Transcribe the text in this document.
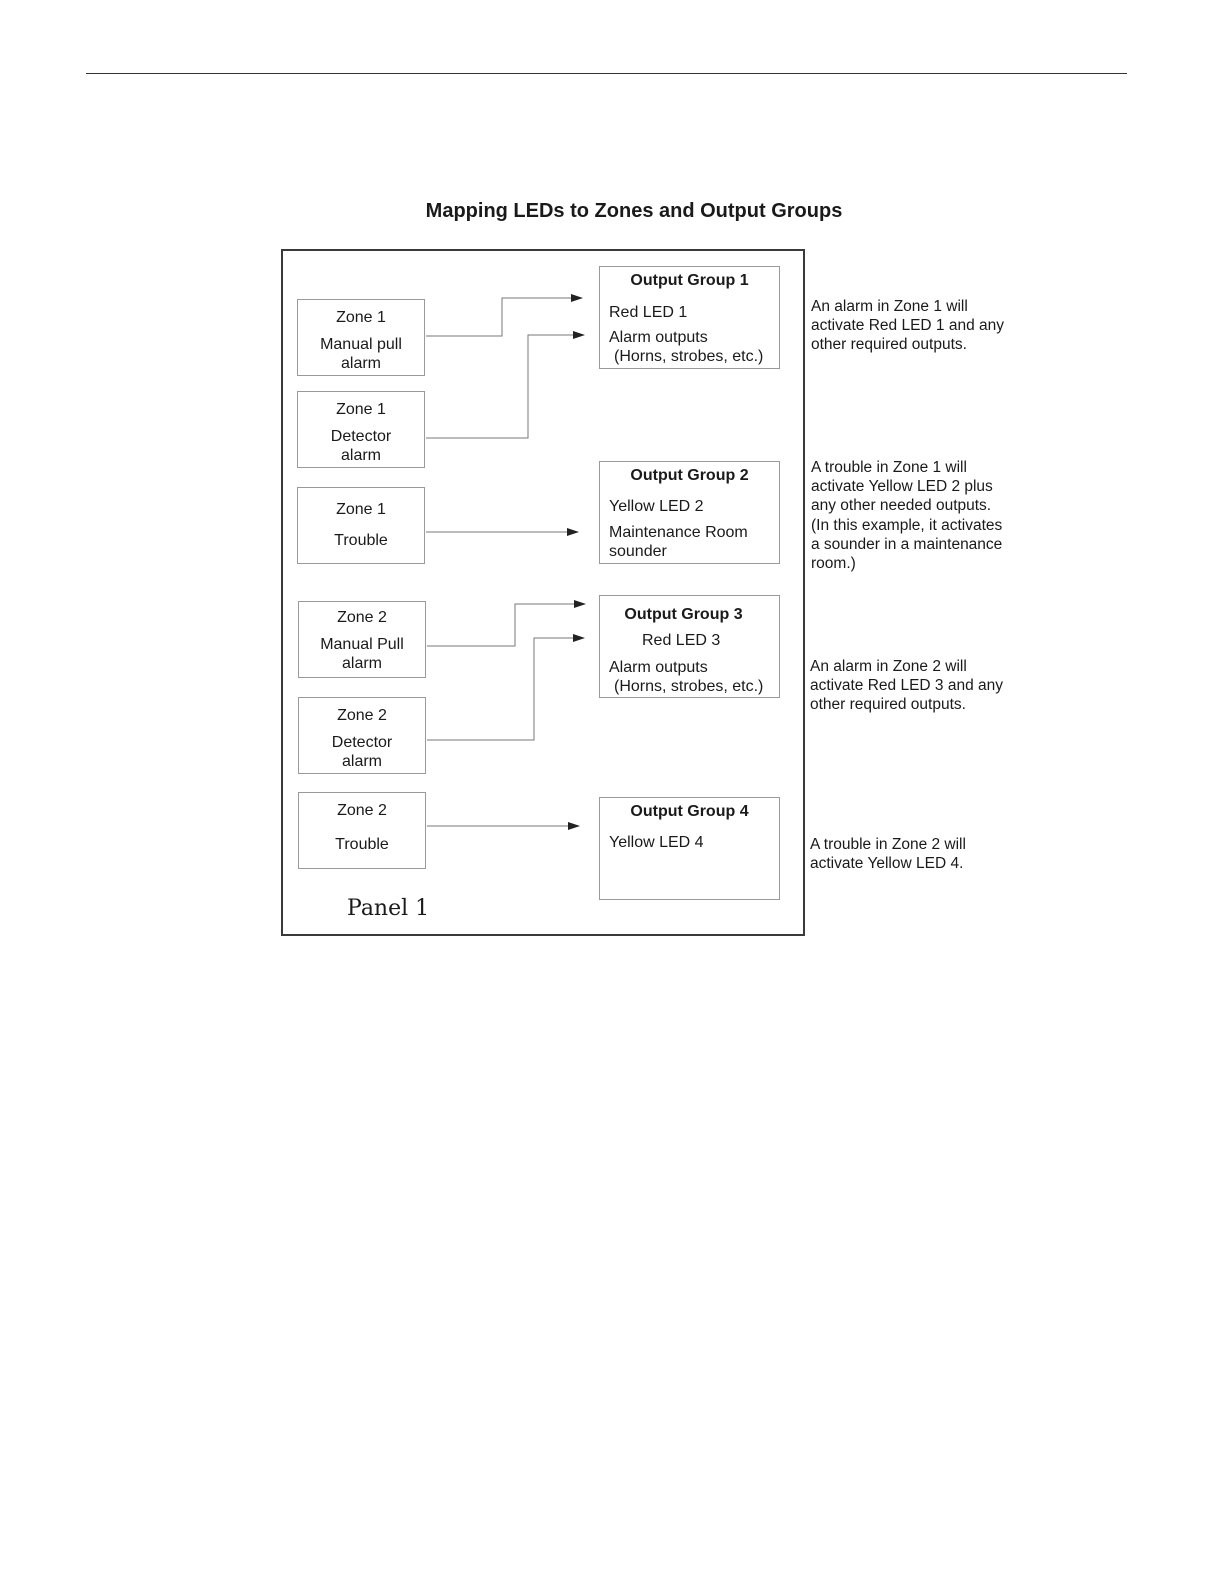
Mapping LEDs to Zones and Output Groups
Zone 1
Manual pull
alarm
Zone 1
Detector
alarm
Zone 1
Trouble
Zone 2
Manual Pull
alarm
Zone 2
Detector
alarm
Zone 2
Trouble
Output Group 1
Red LED 1
Alarm outputs
(Horns, strobes, etc.)
Output Group 2
Yellow LED 2
Maintenance Room
sounder
Output Group 3
Red LED 3
Alarm outputs
(Horns, strobes, etc.)
Output Group 4
Yellow LED 4
Panel 1
An alarm in Zone 1 will
activate Red LED 1 and any
other required outputs.
A trouble in Zone 1 will
activate Yellow LED 2 plus
any other needed outputs.
(In this example, it activates
a sounder in a maintenance
room.)
An alarm in Zone 2 will
activate Red LED 3 and any
other required outputs.
A trouble in Zone 2 will
activate Yellow LED 4.
